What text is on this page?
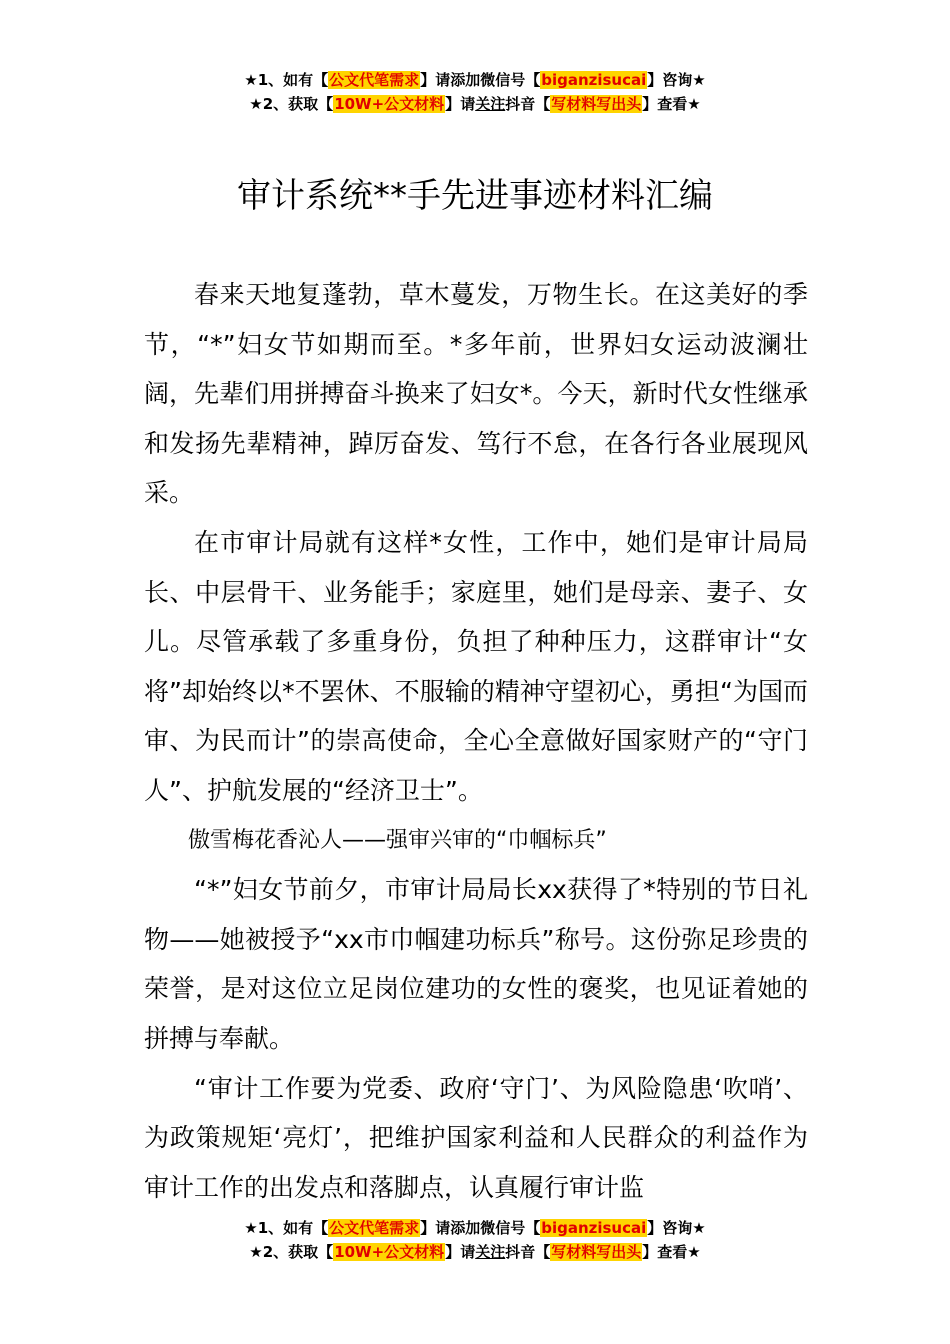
★1、如有【公文代笔需求】请添加微信号【biganzisucai】咨询★
★2、获取【10W+公文材料】请关注抖音【写材料写出头】查看★
审计系统**手先进事迹材料汇编

春来天地复蓬勃，草木蔓发，万物生长。在这美好的季节，“*”妇女节如期而至。*多年前，世界妇女运动波澜壮阔，先辈们用拼搏奋斗换来了妇女*。今天，新时代女性继承和发扬先辈精神，踔厉奋发、笃行不怠，在各行各业展现风采。

在市审计局就有这样*女性，工作中，她们是审计局局长、中层骨干、业务能手；家庭里，她们是母亲、妻子、女儿。尽管承载了多重身份，负担了种种压力，这群审计“女将”却始终以*不罢休、不服输的精神守望初心，勇担“为国而审、为民而计”的崇高使命，全心全意做好国家财产的“守门人”、护航发展的“经济卫士”。

傲雪梅花香沁人——强审兴审的“巾帼标兵”

“*”妇女节前夕，市审计局局长xx获得了*特别的节日礼物——她被授予“xx市巾帼建功标兵”称号。这份弥足珍贵的荣誉，是对这位立足岗位建功的女性的褒奖，也见证着她的拼搏与奉献。

“审计工作要为党委、政府‘守门’、为风险隐患‘吹哨’、为政策规矩‘亮灯’，把维护国家利益和人民群众的利益作为审计工作的出发点和落脚点，认真履行审计监

★1、如有【公文代笔需求】请添加微信号【biganzisucai】咨询★
★2、获取【10W+公文材料】请关注抖音【写材料写出头】查看★
